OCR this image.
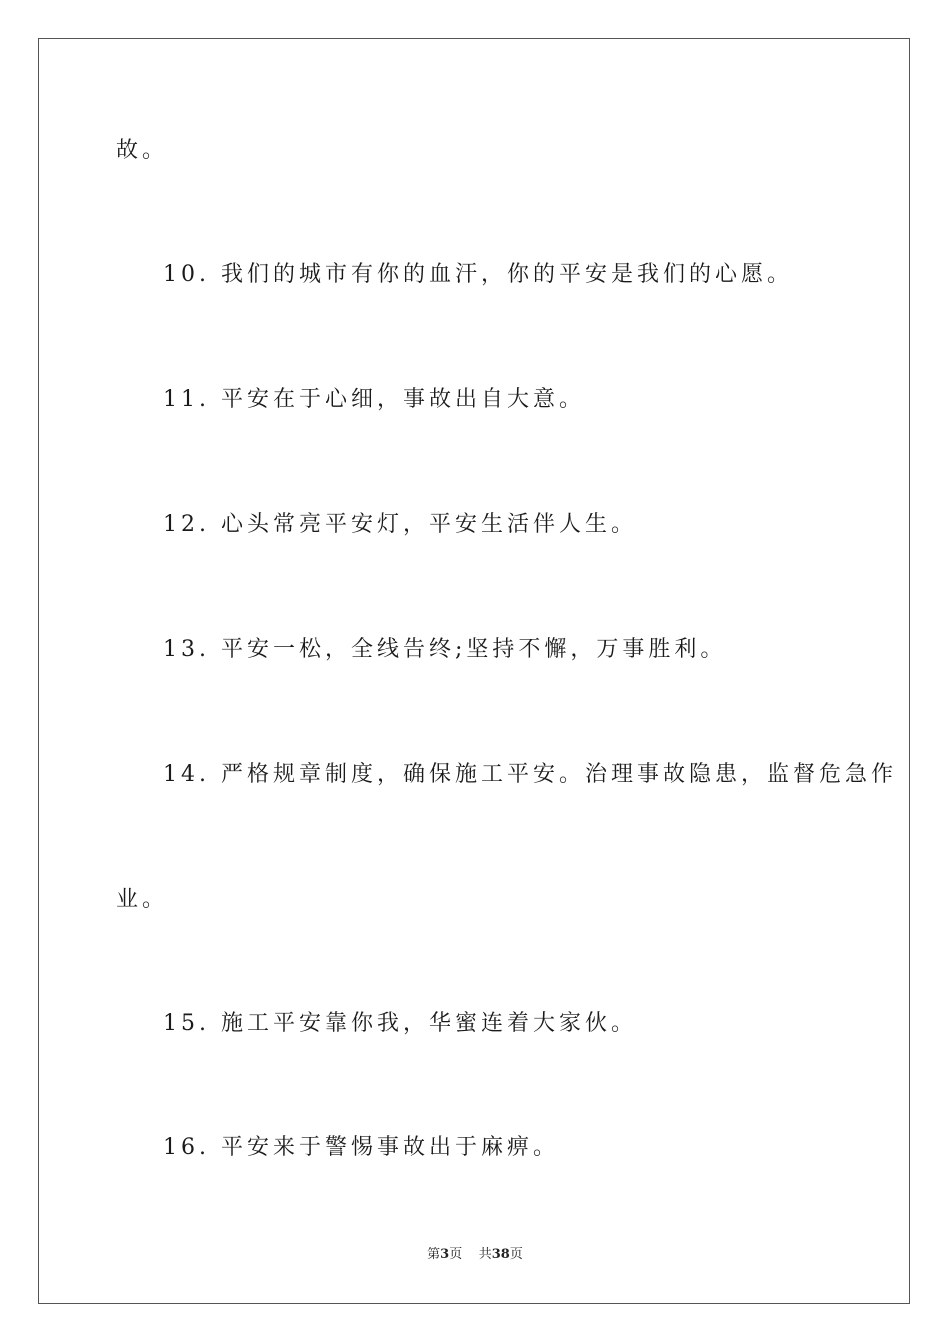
故。
10. 我们的城市有你的血汗，你的平安是我们的心愿。
11. 平安在于心细，事故出自大意。
12. 心头常亮平安灯，平安生活伴人生。
13. 平安一松，全线告终;坚持不懈，万事胜利。
14. 严格规章制度，确保施工平安。治理事故隐患，监督危急作
业。
15. 施工平安靠你我，华蜜连着大家伙。
16. 平安来于警惕事故出于麻痹。
第3页 共38页
